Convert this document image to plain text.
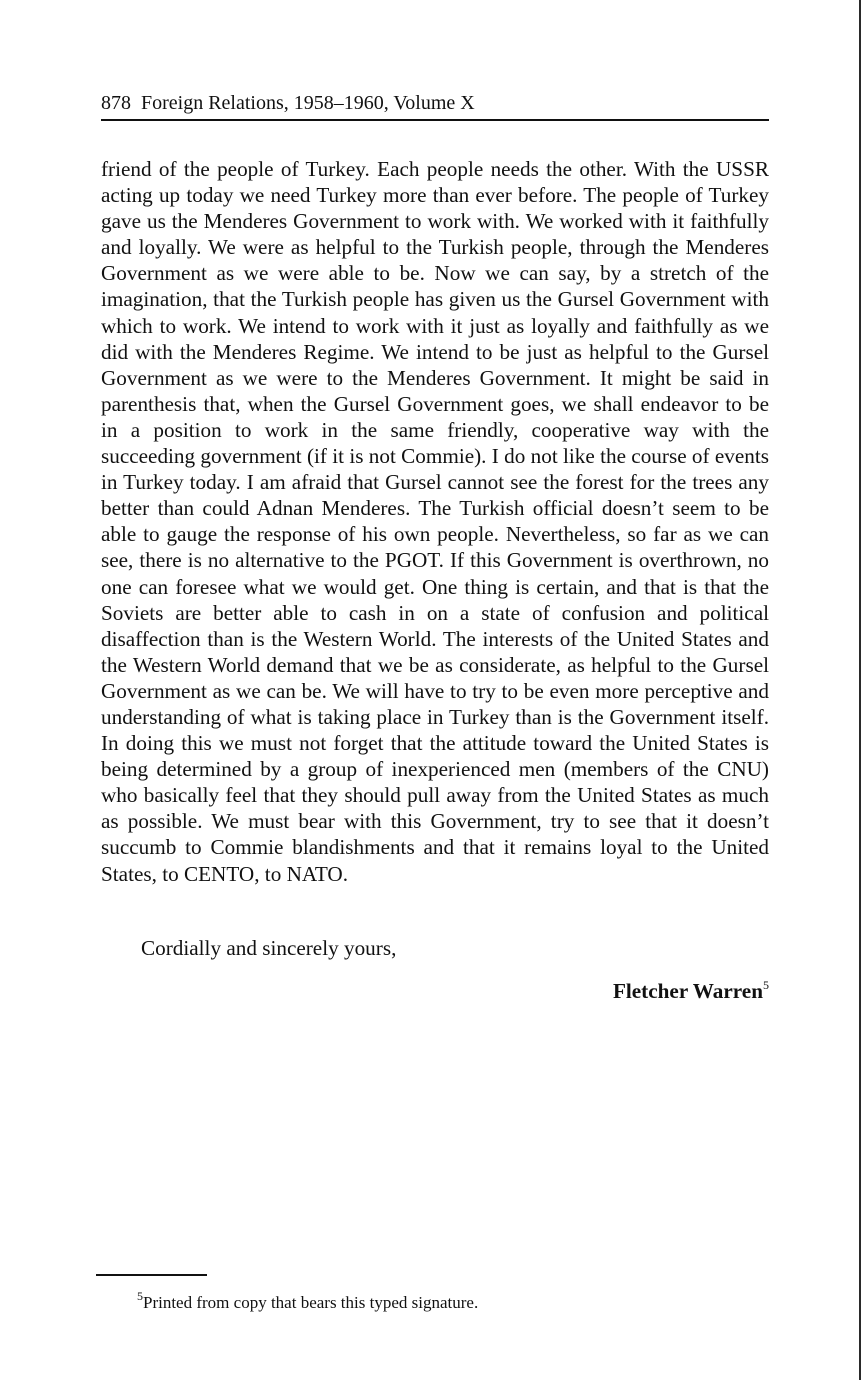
878 Foreign Relations, 1958–1960, Volume X

friend of the people of Turkey. Each people needs the other. With the USSR acting up today we need Turkey more than ever before. The people of Turkey gave us the Menderes Government to work with. We worked with it faithfully and loyally. We were as helpful to the Turkish people, through the Menderes Government as we were able to be. Now we can say, by a stretch of the imagination, that the Turkish people has given us the Gursel Government with which to work. We intend to work with it just as loyally and faithfully as we did with the Menderes Regime. We intend to be just as helpful to the Gursel Government as we were to the Menderes Government. It might be said in parenthesis that, when the Gursel Government goes, we shall endeavor to be in a position to work in the same friendly, cooperative way with the succeeding government (if it is not Commie). I do not like the course of events in Turkey today. I am afraid that Gursel cannot see the forest for the trees any better than could Adnan Menderes. The Turkish official doesn’t seem to be able to gauge the response of his own people. Nevertheless, so far as we can see, there is no alternative to the PGOT. If this Government is overthrown, no one can foresee what we would get. One thing is certain, and that is that the Soviets are better able to cash in on a state of confusion and political disaffection than is the Western World. The interests of the United States and the Western World demand that we be as considerate, as helpful to the Gursel Government as we can be. We will have to try to be even more perceptive and understanding of what is taking place in Turkey than is the Government itself. In doing this we must not forget that the attitude toward the United States is being determined by a group of inexperienced men (members of the CNU) who basically feel that they should pull away from the United States as much as possible. We must bear with this Government, try to see that it doesn’t succumb to Commie blandishments and that it remains loyal to the United States, to CENTO, to NATO.

Cordially and sincerely yours,

Fletcher Warren$^5$

$^5$Printed from copy that bears this typed signature.
